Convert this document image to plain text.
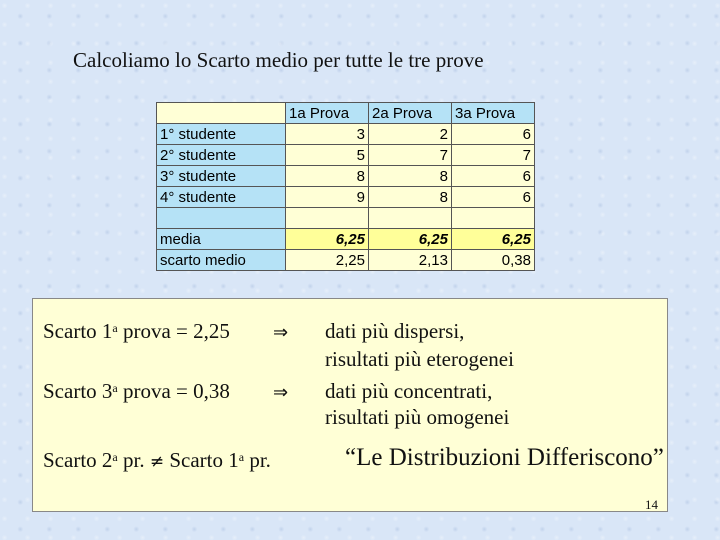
Calcoliamo lo Scarto medio per tutte le tre prove
	1a Prova	2a Prova	3a Prova
1° studente	3	2	6
2° studente	5	7	7
3° studente	8	8	6
4° studente	9	8	6

media	6,25	6,25	6,25
scarto medio	2,25	2,13	0,38
Scarto 1$^a$ prova = 2,25 ⇒ dati più dispersi,
risultati più eterogenei
Scarto 3$^a$ prova = 0,38 ⇒ dati più concentrati,
risultati più omogenei
Scarto 2$^a$ pr. ≠ Scarto 1$^a$ pr.	“Le Distribuzioni Differiscono”
14
